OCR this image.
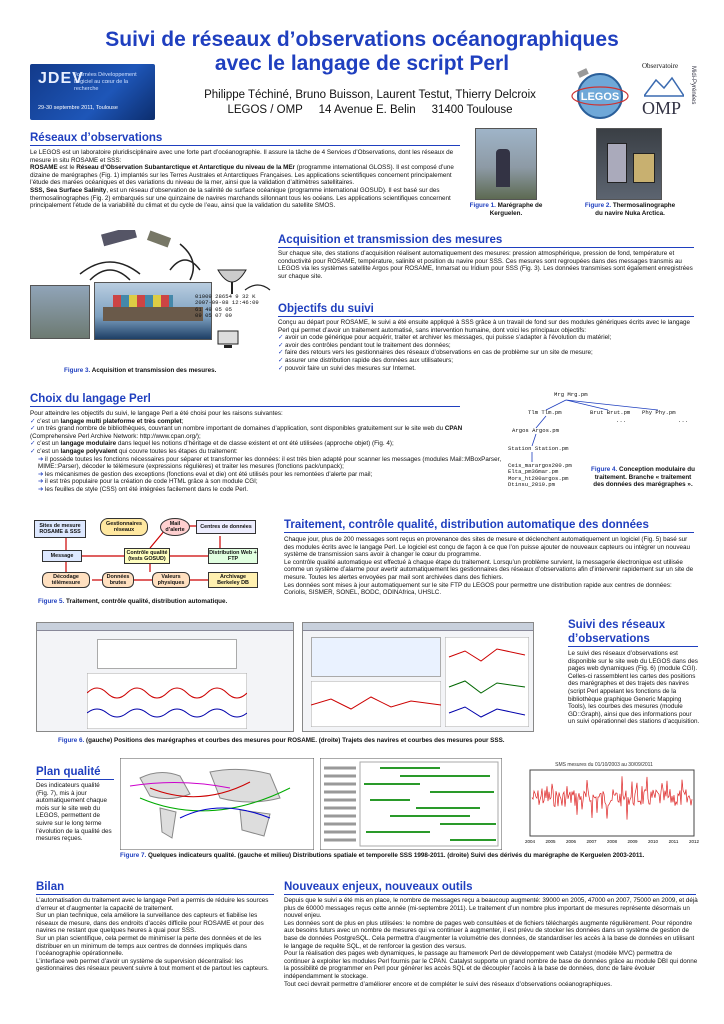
Suivi de réseaux d’observations océanographiques
avec le langage de script Perl
Philippe Téchiné, Bruno Buisson, Laurent Testut, Thierry Delcroix
LEGOS / OMP     14 Avenue E. Belin     31400 Toulouse
JDEV
Journées Développement Logiciel au cœur de la recherche
29-30 septembre 2011, Toulouse
LEGOS
Observatoire
OMP
Midi-Pyrénées
Réseaux d’observations
Le LEGOS est un laboratoire pluridisciplinaire avec une forte part d’océanographie. Il assure la tâche de 4 Services d’Observations, dont les réseaux de mesure in situ ROSAME et SSS:
ROSAME est le Réseau d’Observation Subantarctique et Antarctique du niveau de la MEr (programme international GLOSS). Il est composé d’une dizaine de marégraphes (Fig. 1) implantés sur les Terres Australes et Antarctiques Françaises. Les applications scientifiques concernent principalement l’étude des marées océaniques et des variations du niveau de la mer, ainsi que la validation d’altimètres satellitaires.
SSS, Sea Surface Salinity, est un réseau d’observation de la salinité de surface océanique (programme international GOSUD). Il est basé sur des thermosalinographes (Fig. 2) embarqués sur une quinzaine de navires marchands sillonnant tous les océans. Les applications scientifiques concernent principalement l’étude de la variabilité du climat et du cycle de l’eau, ainsi que la validation du satellite SMOS.	Figure 1. Marégraphe de Kerguelen.
Figure 2. Thermosalinographe du navire Nuka Arctica.
01009 28654 9 32 K
2007-09-08 12:46:09
61 49 05 05
09 05 07 09
Figure 3. Acquisition et transmission des mesures.
Acquisition et transmission des mesures
Sur chaque site, des stations d’acquisition réalisent automatiquement des mesures: pression atmosphérique, pression de fond, température et conductivité pour ROSAME, température, salinité et position du navire pour SSS. Ces mesures sont regroupées dans des messages transmis au LEGOS via les systèmes satellite Argos pour ROSAME, Inmarsat ou Iridium pour SSS (Fig. 3). Les données transmises sont également enregistrées sur chaque site.
Objectifs du suivi
Conçu au départ pour ROSAME, le suivi a été ensuite appliqué à SSS grâce à un travail de fond sur des modules génériques écrits avec le langage Perl qui permet d’avoir un traitement automatisé, sans intervention humaine, dont voici les principaux objectifs:
✓ avoir un code générique pour acquérir, traiter et archiver les messages, qui puisse s’adapter à l’évolution du matériel;
✓ avoir des contrôles pendant tout le traitement des données;
✓ faire des retours vers les gestionnaires des réseaux d’observations en cas de problème sur un site de mesure;
✓ assurer une distribution rapide des données aux utilisateurs;
✓ pouvoir faire un suivi des mesures sur Internet.
Choix du langage Perl
Pour atteindre les objectifs du suivi, le langage Perl a été choisi pour les raisons suivantes:
✓ c’est un langage multi plateforme et très complet;
✓ un très grand nombre de bibliothèques, couvrant un nombre important de domaines d’application, sont disponibles gratuitement sur le site web du CPAN (Comprehensive Perl Archive Network: http://www.cpan.org/);
✓ c’est un langage modulaire dans lequel les notions d’héritage et de classe existent et ont été utilisées (approche objet) (Fig. 4);
✓ c’est un langage polyvalent qui couvre toutes les étapes du traitement:
➔ il possède toutes les fonctions nécessaires pour séparer et transformer les données: il est très bien adapté pour scanner les messages (modules Mail::MBoxParser, MIME::Parser), décoder le télémesure (expressions régulières) et traiter les mesures (fonctions pack/unpack);
➔ les mécanismes de gestion des exceptions (fonctions eval et die) ont été utilisés pour les remontées d’alerte par mail;
➔ il est très populaire pour la création de code HTML grâce à son module CGI;
➔ les feuilles de style (CSS) ont été intégrées facilement dans le code Perl.
Mrg Mrg.pm
Tlm Tlm.pm	Brut Brut.pm Phy Phy.pm
...	...
Argos Argos.pm
Station Station.pm
Ceis_marargos200.pm
Elta_pm36mar.pm
Mors_ht200argos.pm
Dtinsu_2010.pm
Figure 4. Conception modulaire du traitement. Branche « traitement des données des marégraphes ».
Sites de mesure ROSAME & SSS
Gestionnaires réseaux
Mail d’alerte	Centres de données
Message	Contrôle qualité (tests GOSUD)
Distribution Web + FTP
Décodage télémesure
Données brutes
Valeurs physiques
Archivage Berkeley DB
Figure 5. Traitement, contrôle qualité, distribution automatique.
Traitement, contrôle qualité, distribution automatique des données
Chaque jour, plus de 200 messages sont reçus en provenance des sites de mesure et déclenchent automatiquement un logiciel (Fig. 5) basé sur des modules écrits avec le langage Perl. Le logiciel est conçu de façon à ce que l’on puisse ajouter de nouveaux capteurs ou intégrer un nouveau système de transmission sans avoir à changer le cœur du programme.
Le contrôle qualité automatique est effectué à chaque étape du traitement. Lorsqu’un problème survient, la messagerie électronique est utilisée comme un système d’alarme pour avertir automatiquement les gestionnaires des réseaux d’observations afin d’intervenir rapidement sur un site de mesure. Toutes les alertes envoyées par mail sont archivées dans des fichiers.
Les données sont mises à jour automatiquement sur le site FTP du LEGOS pour permettre une distribution rapide aux centres de données: Coriolis, SISMER, SONEL, BODC, ODINAfrica, UHSLC.
Figure 6. (gauche) Positions des marégraphes et courbes des mesures pour ROSAME. (droite) Trajets des navires et courbes des mesures pour SSS.
Suivi des réseaux
d’observations
Le suivi des réseaux d’observations est disponible sur le site web du LEGOS dans des pages web dynamiques (Fig. 6) (module CGI). Celles-ci rassemblent les cartes des positions des marégraphes et des trajets des navires (script Perl appelant les fonctions de la bibliothèque graphique Generic Mapping Tools), les courbes des mesures (module GD::Graph), ainsi que des informations pour un suivi opérationnel des stations d’acquisition.
Plan qualité
Des indicateurs qualité (Fig. 7), mis à jour automatiquement chaque mois sur le site web du LEGOS, permettent de suivre sur le long terme l’évolution de la qualité des mesures reçues.
SMS mesures du 01/10/2003 au 30/09/2011
2004 2005 2006 2007 2008 2009 2010 2011 2012
Figure 7. Quelques indicateurs qualité. (gauche et milieu) Distributions spatiale et temporelle SSS 1998-2011. (droite) Suivi des dérivés du marégraphe de Kerguelen 2003-2011.
Bilan
L’automatisation du traitement avec le langage Perl a permis de réduire les sources d’erreur et d’augmenter la capacité de traitement.
Sur un plan technique, cela améliore la surveillance des capteurs et fiabilise les réseaux de mesure, dans des endroits d’accès difficile pour ROSAME et pour des navires ne restant que quelques heures à quai pour SSS.
Sur un plan scientifique, cela permet de minimiser la perte des données et de les distribuer en un minimum de temps aux centres de données impliqués dans l’océanographie opérationnelle.
L’interface web permet d’avoir un système de supervision décentralisé: les gestionnaires des réseaux peuvent suivre à tout moment et de partout les capteurs.
Nouveaux enjeux, nouveaux outils
Depuis que le suivi a été mis en place, le nombre de messages reçu a beaucoup augmenté: 39000 en 2005, 47000 en 2007, 75000 en 2009, et déjà plus de 60000 messages reçus cette année (mi-septembre 2011). Le traitement d’un nombre plus important de mesures représente désormais un nouvel enjeu.
Les données sont de plus en plus utilisées: le nombre de pages web consultées et de fichiers téléchargés augmente régulièrement. Pour répondre aux besoins futurs avec un nombre de mesures qui va continuer à augmenter, il est prévu de stocker les données dans un système de gestion de base de données PostgreSQL. Cela permettra d’augmenter la volumétrie des données, de standardiser les accès à la base de données en utilisant le langage de requête SQL, et de renforcer la gestion des versus.
Pour la réalisation des pages web dynamiques, le passage au framework Perl de développement web Catalyst (modèle MVC) permettra de continuer à exploiter les modules Perl fournis par le CPAN. Catalyst supporte un grand nombre de base de données grâce au module DBI qui donne la possibilité de programmer en Perl pour générer les accès SQL et de découpler l’accès à la base de données, donc de faire évoluer indépendamment le stockage.
Tout ceci devrait permettre d’améliorer encore et de compléter le suivi des réseaux d’observations océanographiques.
